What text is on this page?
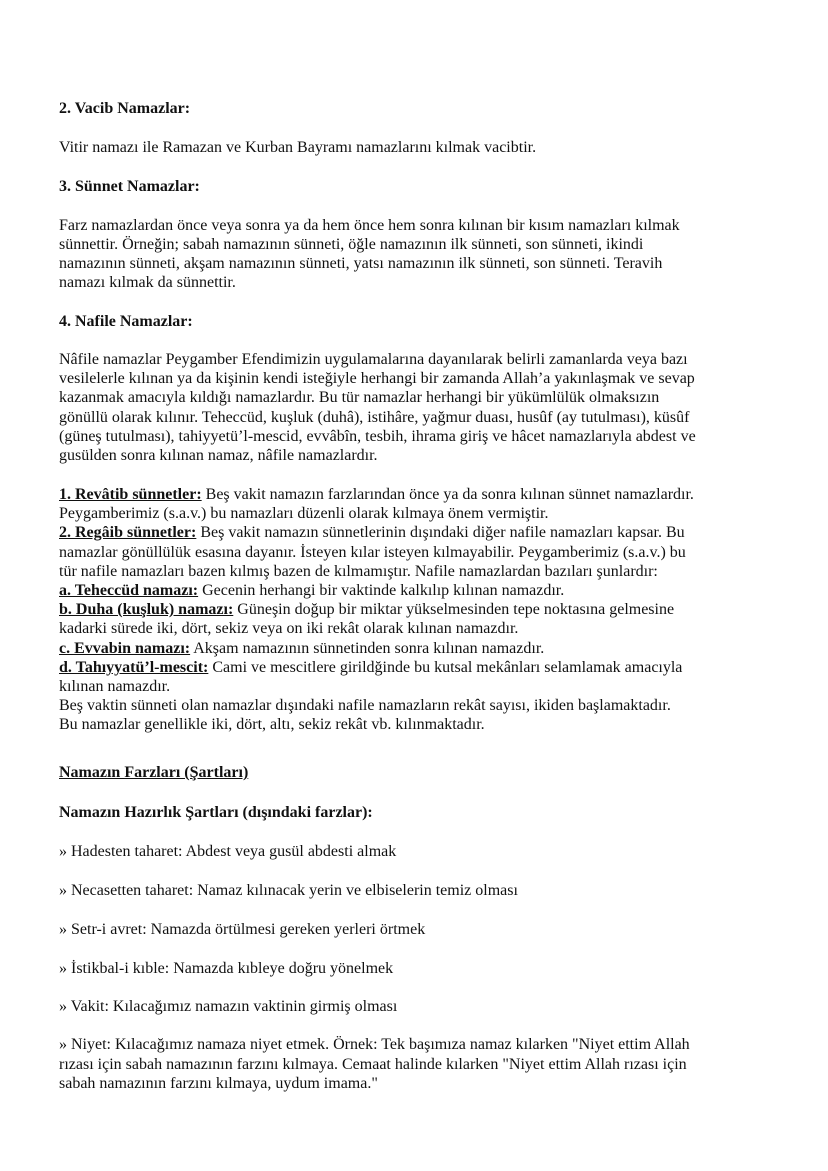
2. Vacib Namazlar:
Vitir namazı ile Ramazan ve Kurban Bayramı namazlarını kılmak vacibtir.
3. Sünnet Namazlar:
Farz namazlardan önce veya sonra ya da hem önce hem sonra kılınan bir kısım namazları kılmak
sünnettir. Örneğin; sabah namazının sünneti, öğle namazının ilk sünneti, son sünneti, ikindi
namazının sünneti, akşam namazının sünneti, yatsı namazının ilk sünneti, son sünneti. Teravih
namazı kılmak da sünnettir.
4. Nafile Namazlar:
Nâfile namazlar Peygamber Efendimizin uygulamalarına dayanılarak belirli zamanlarda veya bazı
vesilelerle kılınan ya da kişinin kendi isteğiyle herhangi bir zamanda Allah’a yakınlaşmak ve sevap
kazanmak amacıyla kıldığı namazlardır. Bu tür namazlar herhangi bir yükümlülük olmaksızın
gönüllü olarak kılınır. Teheccüd, kuşluk (duhâ), istihâre, yağmur duası, husûf (ay tutulması), küsûf
(güneş tutulması), tahiyyetü’l-mescid, evvâbîn, tesbih, ihrama giriş ve hâcet namazlarıyla abdest ve
gusülden sonra kılınan namaz, nâfile namazlardır.
1. Revâtib sünnetler: Beş vakit namazın farzlarından önce ya da sonra kılınan sünnet namazlardır.
Peygamberimiz (s.a.v.) bu namazları düzenli olarak kılmaya önem vermiştir.
2. Regâib sünnetler: Beş vakit namazın sünnetlerinin dışındaki diğer nafile namazları kapsar. Bu
namazlar gönüllülük esasına dayanır. İsteyen kılar isteyen kılmayabilir. Peygamberimiz (s.a.v.) bu
tür nafile namazları bazen kılmış bazen de kılmamıştır. Nafile namazlardan bazıları şunlardır:
a. Teheccüd namazı: Gecenin herhangi bir vaktinde kalkılıp kılınan namazdır.
b. Duha (kuşluk) namazı: Güneşin doğup bir miktar yükselmesinden tepe noktasına gelmesine
kadarki sürede iki, dört, sekiz veya on iki rekât olarak kılınan namazdır.
c. Evvabin namazı: Akşam namazının sünnetinden sonra kılınan namazdır.
d. Tahıyyatü’l-mescit: Cami ve mescitlere girildğinde bu kutsal mekânları selamlamak amacıyla
kılınan namazdır.
Beş vaktin sünneti olan namazlar dışındaki nafile namazların rekât sayısı, ikiden başlamaktadır.
Bu namazlar genellikle iki, dört, altı, sekiz rekât vb. kılınmaktadır.
Namazın Farzları (Şartları)
Namazın Hazırlık Şartları (dışındaki farzlar):
» Hadesten taharet: Abdest veya gusül abdesti almak
» Necasetten taharet: Namaz kılınacak yerin ve elbiselerin temiz olması
» Setr-i avret: Namazda örtülmesi gereken yerleri örtmek
» İstikbal-i kıble: Namazda kıbleye doğru yönelmek
» Vakit: Kılacağımız namazın vaktinin girmiş olması
» Niyet: Kılacağımız namaza niyet etmek. Örnek: Tek başımıza namaz kılarken "Niyet ettim Allah
rızası için sabah namazının farzını kılmaya. Cemaat halinde kılarken "Niyet ettim Allah rızası için
sabah namazının farzını kılmaya, uydum imama."
